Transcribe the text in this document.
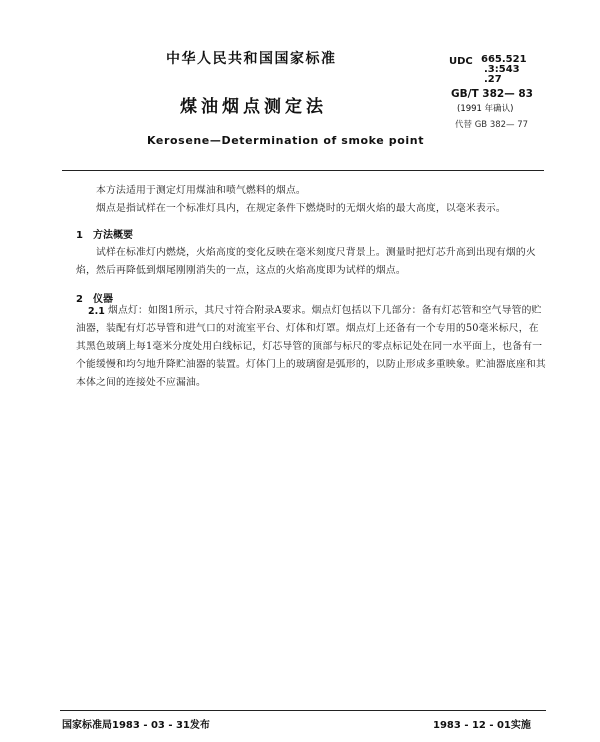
中华人民共和国国家标准	UDC 665.521
.3:543
.27
GB/T 382— 83
(1991 年确认)
代替 GB 382— 77
煤油烟点测定法
Kerosene—Determination of smoke point
本方法适用于测定灯用煤油和喷气燃料的烟点。
烟点是指试样在一个标准灯具内，在规定条件下燃烧时的无烟火焰的最大高度，以毫米表示。
1　方法概要
试样在标准灯内燃烧，火焰高度的变化反映在毫米刻度尺背景上。测量时把灯芯升高到出现有烟的火焰，然后再降低到烟尾刚刚消失的一点，这点的火焰高度即为试样的烟点。
2　仪器
2.1 烟点灯：如图1所示，其尺寸符合附录A要求。烟点灯包括以下几部分：备有灯芯管和空气导管的贮油器，装配有灯芯导管和进气口的对流室平台、灯体和灯罩。烟点灯上还备有一个专用的50毫米标尺，在其黑色玻璃上每1毫米分度处用白线标记，灯芯导管的顶部与标尺的零点标记处在同一水平面上，也备有一个能缓慢和均匀地升降贮油器的装置。灯体门上的玻璃窗是弧形的，以防止形成多重映象。贮油器底座和其本体之间的连接处不应漏油。
国家标准局1983 - 03 - 31发布	1983 - 12 - 01实施
